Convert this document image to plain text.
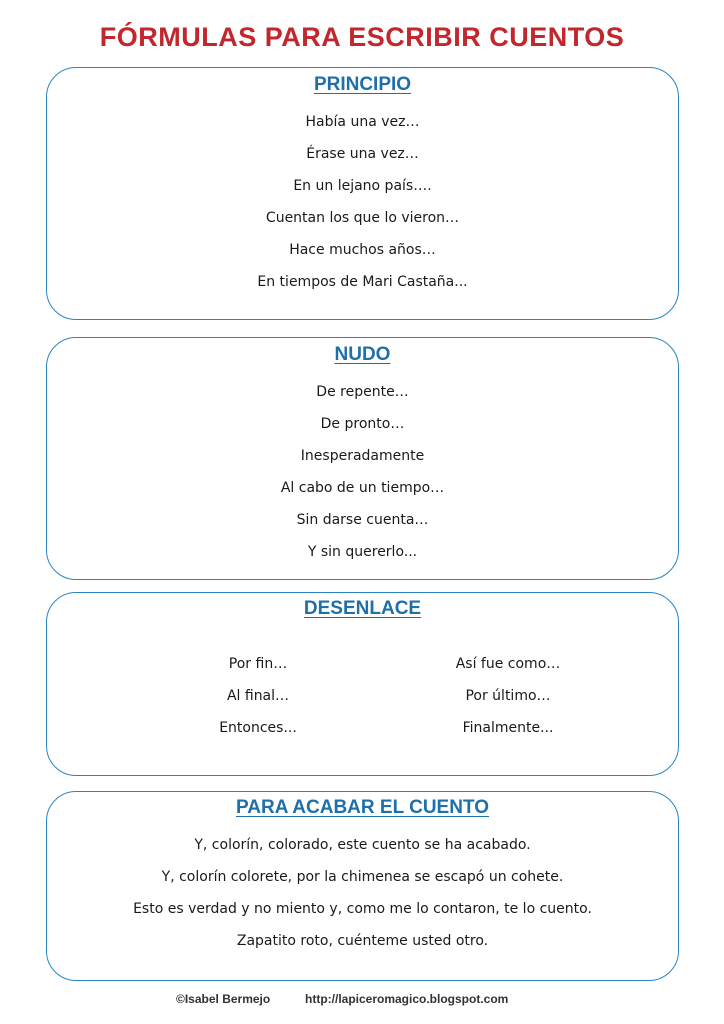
FÓRMULAS PARA ESCRIBIR CUENTOS
PRINCIPIO
Había una vez…
Érase una vez…
En un lejano país….
Cuentan los que lo vieron…
Hace muchos años…
En tiempos de Mari Castaña...
NUDO
De repente…
De pronto…
Inesperadamente
Al cabo de un tiempo…
Sin darse cuenta…
Y sin quererlo...
DESENLACE
Por fin…
Al final…
Entonces...
Así fue como…
Por último…
Finalmente...
PARA ACABAR EL CUENTO
Y, colorín, colorado, este cuento se ha acabado.
Y, colorín colorete, por la chimenea se escapó un cohete.
Esto es verdad y no miento y, como me lo contaron, te lo cuento.
Zapatito roto, cuénteme usted otro.
©Isabel Bermejo	http://lapiceromagico.blogspot.com
